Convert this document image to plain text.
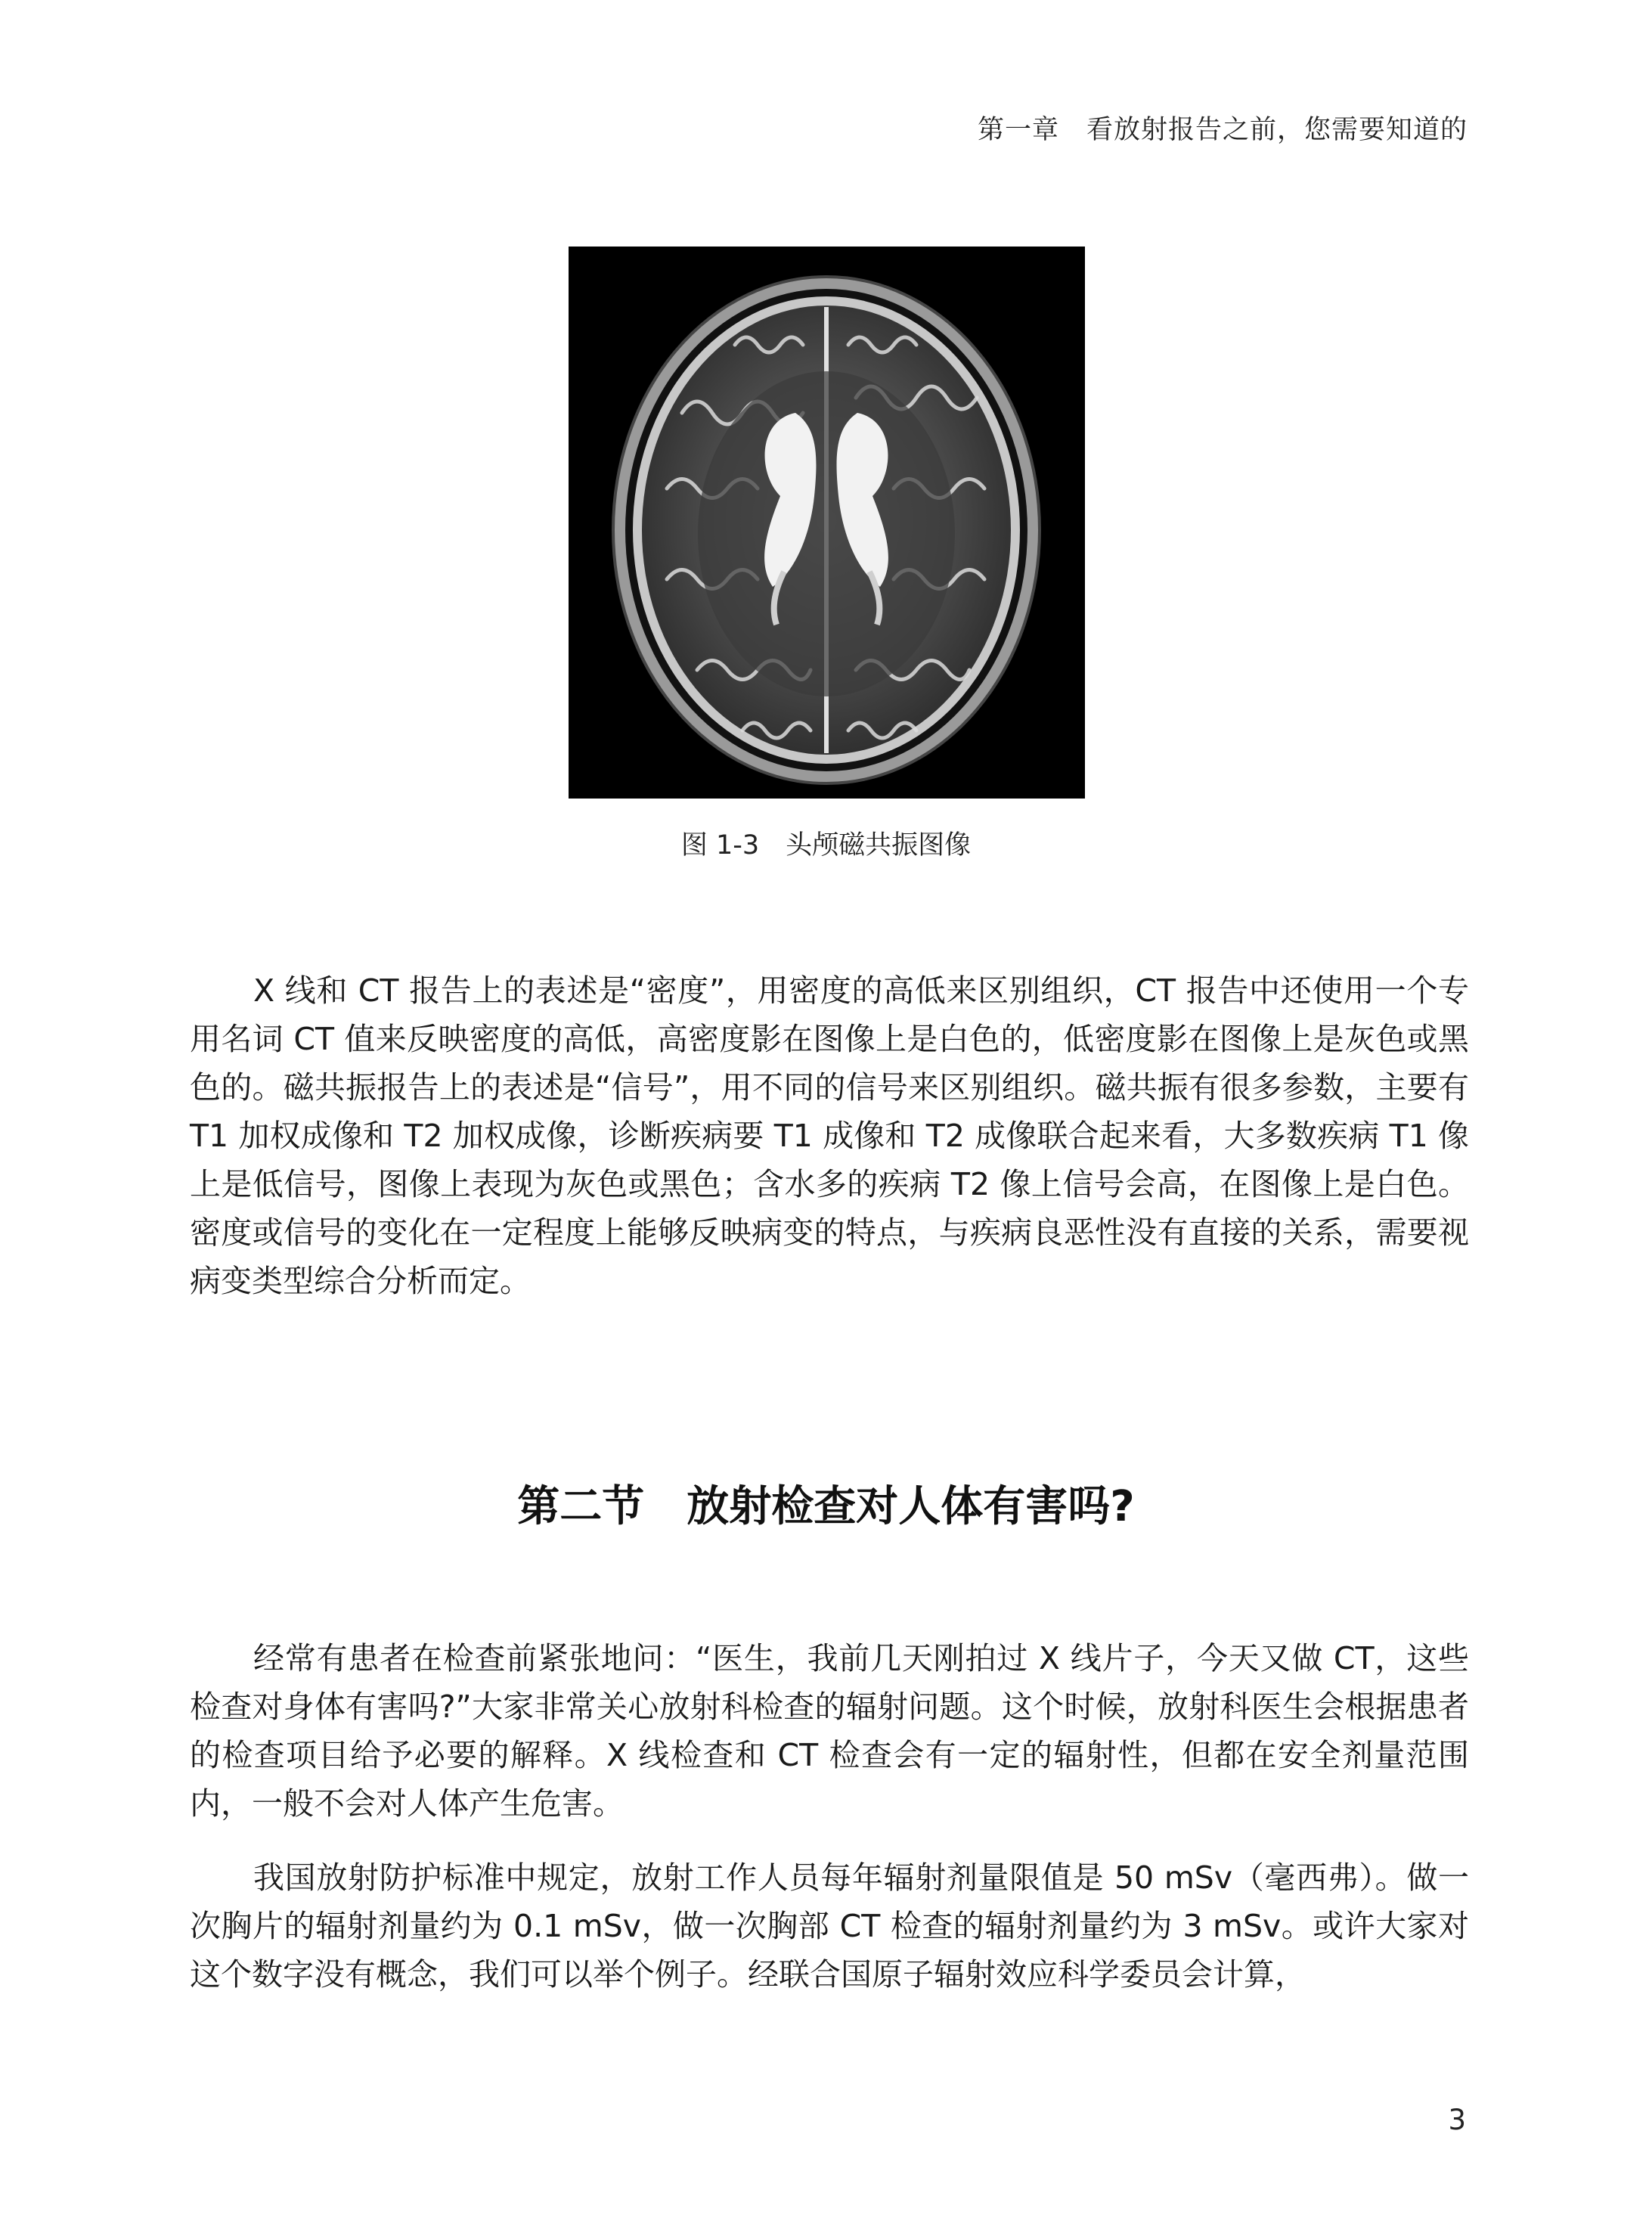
第一章　看放射报告之前，您需要知道的
图 1-3　头颅磁共振图像

X 线和 CT 报告上的表述是“密度”，用密度的高低来区别组织，CT 报告中还使用一个专用名词 CT 值来反映密度的高低，高密度影在图像上是白色的，低密度影在图像上是灰色或黑色的。磁共振报告上的表述是“信号”，用不同的信号来区别组织。磁共振有很多参数，主要有 T1 加权成像和 T2 加权成像，诊断疾病要 T1 成像和 T2 成像联合起来看，大多数疾病 T1 像上是低信号，图像上表现为灰色或黑色；含水多的疾病 T2 像上信号会高，在图像上是白色。密度或信号的变化在一定程度上能够反映病变的特点，与疾病良恶性没有直接的关系，需要视病变类型综合分析而定。

第二节　放射检查对人体有害吗?

经常有患者在检查前紧张地问：“医生，我前几天刚拍过 X 线片子，今天又做 CT，这些检查对身体有害吗?”大家非常关心放射科检查的辐射问题。这个时候，放射科医生会根据患者的检查项目给予必要的解释。X 线检查和 CT 检查会有一定的辐射性，但都在安全剂量范围内，一般不会对人体产生危害。

我国放射防护标准中规定，放射工作人员每年辐射剂量限值是 50 mSv（毫西弗）。做一次胸片的辐射剂量约为 0.1 mSv，做一次胸部 CT 检查的辐射剂量约为 3 mSv。或许大家对这个数字没有概念，我们可以举个例子。经联合国原子辐射效应科学委员会计算，

3
